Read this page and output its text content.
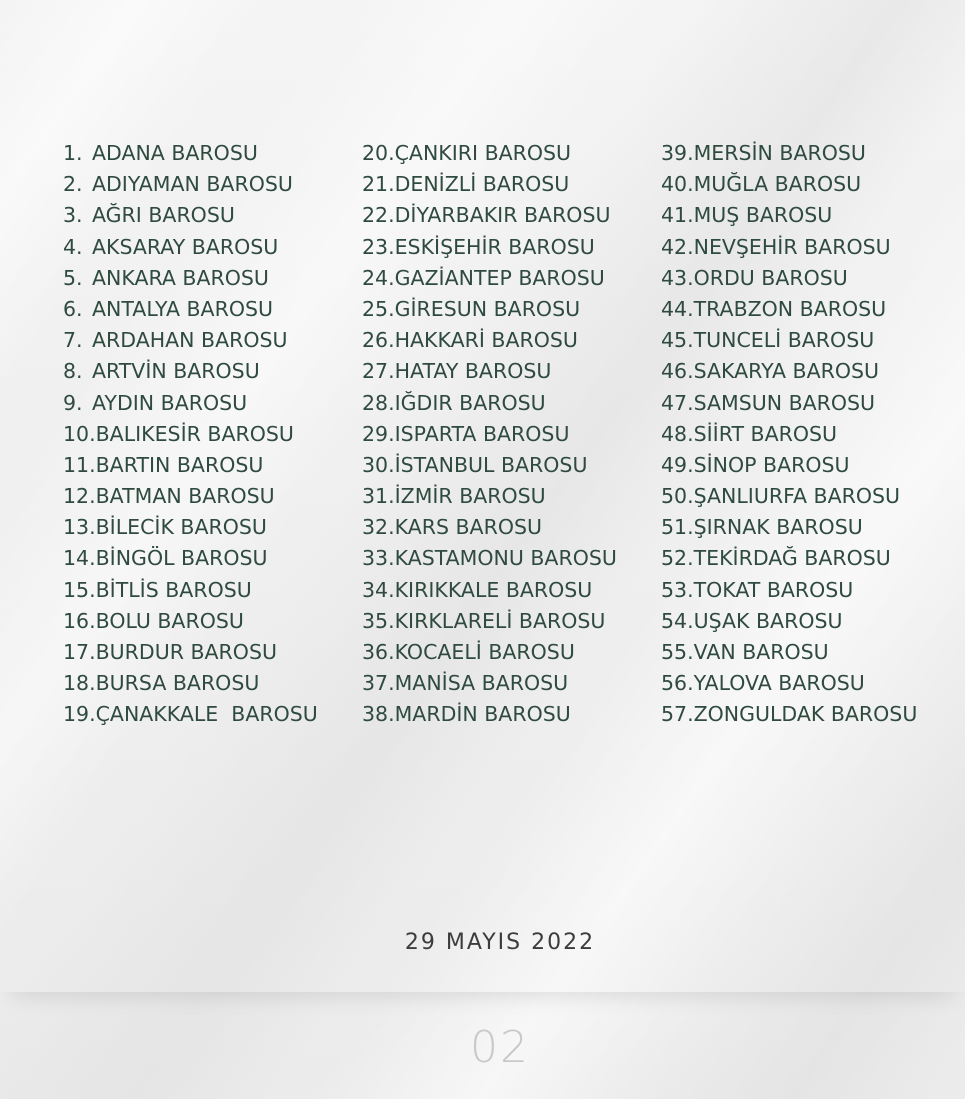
1. ADANA BAROSU
2. ADIYAMAN BAROSU
3. AĞRI BAROSU
4. AKSARAY BAROSU
5. ANKARA BAROSU
6. ANTALYA BAROSU
7. ARDAHAN BAROSU
8. ARTVİN BAROSU
9. AYDIN BAROSU
10. BALIKESİR BAROSU
11. BARTIN BAROSU
12. BATMAN BAROSU
13. BİLECİK BAROSU
14. BİNGÖL BAROSU
15. BİTLİS BAROSU
16. BOLU BAROSU
17. BURDUR BAROSU
18. BURSA BAROSU
19. ÇANAKKALE  BAROSU
20. ÇANKIRI BAROSU
21. DENİZLİ BAROSU
22. DİYARBAKIR BAROSU
23. ESKİŞEHİR BAROSU
24. GAZİANTEP BAROSU
25. GİRESUN BAROSU
26. HAKKARİ BAROSU
27. HATAY BAROSU
28. IĞDIR BAROSU
29. ISPARTA BAROSU
30. İSTANBUL BAROSU
31. İZMİR BAROSU
32. KARS BAROSU
33. KASTAMONU BAROSU
34. KIRIKKALE BAROSU
35. KIRKLARELİ BAROSU
36. KOCAELİ BAROSU
37. MANİSA BAROSU
38. MARDİN BAROSU
39. MERSİN BAROSU
40. MUĞLA BAROSU
41. MUŞ BAROSU
42. NEVŞEHİR BAROSU
43. ORDU BAROSU
44. TRABZON BAROSU
45. TUNCELİ BAROSU
46. SAKARYA BAROSU
47. SAMSUN BAROSU
48. SİİRT BAROSU
49. SİNOP BAROSU
50. ŞANLIURFA BAROSU
51. ŞIRNAK BAROSU
52. TEKİRDAĞ BAROSU
53. TOKAT BAROSU
54. UŞAK BAROSU
55. VAN BAROSU
56. YALOVA BAROSU
57. ZONGULDAK BAROSU
29 MAYIS 2022
02
